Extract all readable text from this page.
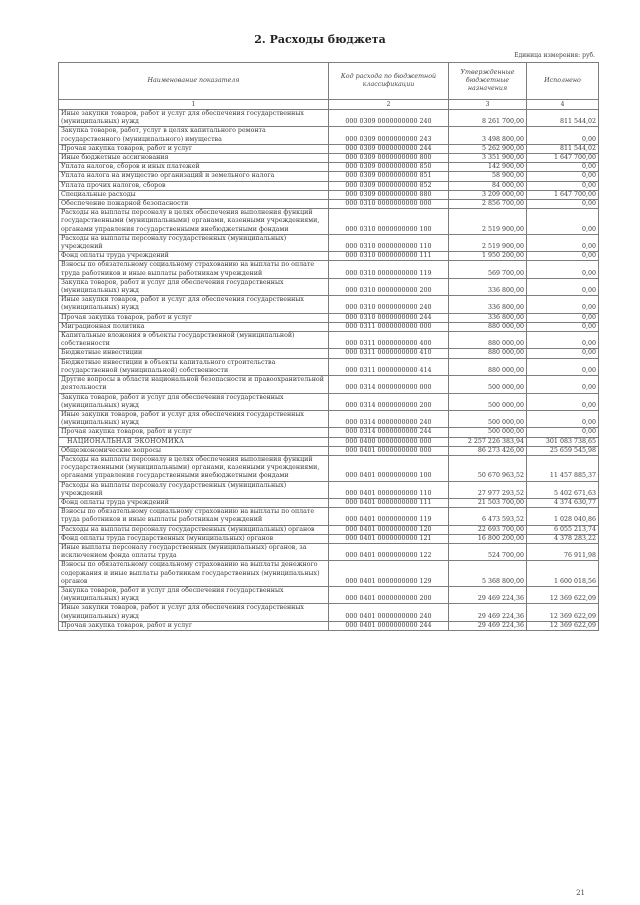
2. Расходы бюджета
Единица измерения: руб.
Наименование показателя	Код расхода по бюджетной классификации	Утвержденные бюджетные назначения	Исполнено
1	2	3	4
Иные закупки товаров, работ и услуг для обеспечения государственных (муниципальных) нужд	000 0309 0000000000 240	8 261 700,00	811 544,02
Закупка товаров, работ, услуг в целях капитального ремонта государственного (муниципального) имущества	000 0309 0000000000 243	3 498 800,00	0,00
Прочая закупка товаров, работ и услуг	000 0309 0000000000 244	5 262 900,00	811 544,02
Иные бюджетные ассигнования	000 0309 0000000000 800	3 351 900,00	1 647 700,00
Уплата налогов, сборов и иных платежей	000 0309 0000000000 850	142 900,00	0,00
Уплата налога на имущество организаций и земельного налога	000 0309 0000000000 851	58 900,00	0,00
Уплата прочих налогов, сборов	000 0309 0000000000 852	84 000,00	0,00
Специальные расходы	000 0309 0000000000 880	3 209 000,00	1 647 700,00
Обеспечение пожарной безопасности	000 0310 0000000000 000	2 856 700,00	0,00
Расходы на выплаты персоналу в целях обеспечения выполнения функций государственными (муниципальными) органами, казенными учреждениями, органами управления государственными внебюджетными фондами	000 0310 0000000000 100	2 519 900,00	0,00
Расходы на выплаты персоналу государственных (муниципальных) учреждений	000 0310 0000000000 110	2 519 900,00	0,00
Фонд оплаты труда учреждений	000 0310 0000000000 111	1 950 200,00	0,00
Взносы по обязательному социальному страхованию на выплаты по оплате труда работников и иные выплаты работникам учреждений	000 0310 0000000000 119	569 700,00	0,00
Закупка товаров, работ и услуг для обеспечения государственных (муниципальных) нужд	000 0310 0000000000 200	336 800,00	0,00
Иные закупки товаров, работ и услуг для обеспечения государственных (муниципальных) нужд	000 0310 0000000000 240	336 800,00	0,00
Прочая закупка товаров, работ и услуг	000 0310 0000000000 244	336 800,00	0,00
Миграционная политика	000 0311 0000000000 000	880 000,00	0,00
Капитальные вложения в объекты государственной (муниципальной) собственности	000 0311 0000000000 400	880 000,00	0,00
Бюджетные инвестиции	000 0311 0000000000 410	880 000,00	0,00
Бюджетные инвестиции в объекты капитального строительства государственной (муниципальной) собственности	000 0311 0000000000 414	880 000,00	0,00
Другие вопросы в области национальной безопасности и правоохранительной деятельности	000 0314 0000000000 000	500 000,00	0,00
Закупка товаров, работ и услуг для обеспечения государственных (муниципальных) нужд	000 0314 0000000000 200	500 000,00	0,00
Иные закупки товаров, работ и услуг для обеспечения государственных (муниципальных) нужд	000 0314 0000000000 240	500 000,00	0,00
Прочая закупка товаров, работ и услуг	000 0314 0000000000 244	500 000,00	0,00
НАЦИОНАЛЬНАЯ ЭКОНОМИКА	000 0400 0000000000 000	2 257 226 383,94	301 083 738,65
Общеэкономические вопросы	000 0401 0000000000 000	86 273 426,00	25 659 545,98
Расходы на выплаты персоналу в целях обеспечения выполнения функций государственными (муниципальными) органами, казенными учреждениями, органами управления государственными внебюджетными фондами	000 0401 0000000000 100	50 670 963,52	11 457 885,37
Расходы на выплаты персоналу государственных (муниципальных) учреждений	000 0401 0000000000 110	27 977 293,52	5 402 671,63
Фонд оплаты труда учреждений	000 0401 0000000000 111	21 503 700,00	4 374 630,77
Взносы по обязательному социальному страхованию на выплаты по оплате труда работников и иные выплаты работникам учреждений	000 0401 0000000000 119	6 473 593,52	1 028 040,86
Расходы на выплаты персоналу государственных (муниципальных) органов	000 0401 0000000000 120	22 693 700,00	6 055 213,74
Фонд оплаты труда государственных (муниципальных) органов	000 0401 0000000000 121	16 800 200,00	4 378 283,22
Иные выплаты персоналу государственных (муниципальных) органов, за исключением фонда оплаты труда	000 0401 0000000000 122	524 700,00	76 911,98
Взносы по обязательному социальному страхованию на выплаты денежного содержания и иные выплаты работникам государственных (муниципальных) органов	000 0401 0000000000 129	5 368 800,00	1 600 018,56
Закупка товаров, работ и услуг для обеспечения государственных (муниципальных) нужд	000 0401 0000000000 200	29 469 224,36	12 369 622,09
Иные закупки товаров, работ и услуг для обеспечения государственных (муниципальных) нужд	000 0401 0000000000 240	29 469 224,36	12 369 622,09
Прочая закупка товаров, работ и услуг	000 0401 0000000000 244	29 469 224,36	12 369 622,09
21
